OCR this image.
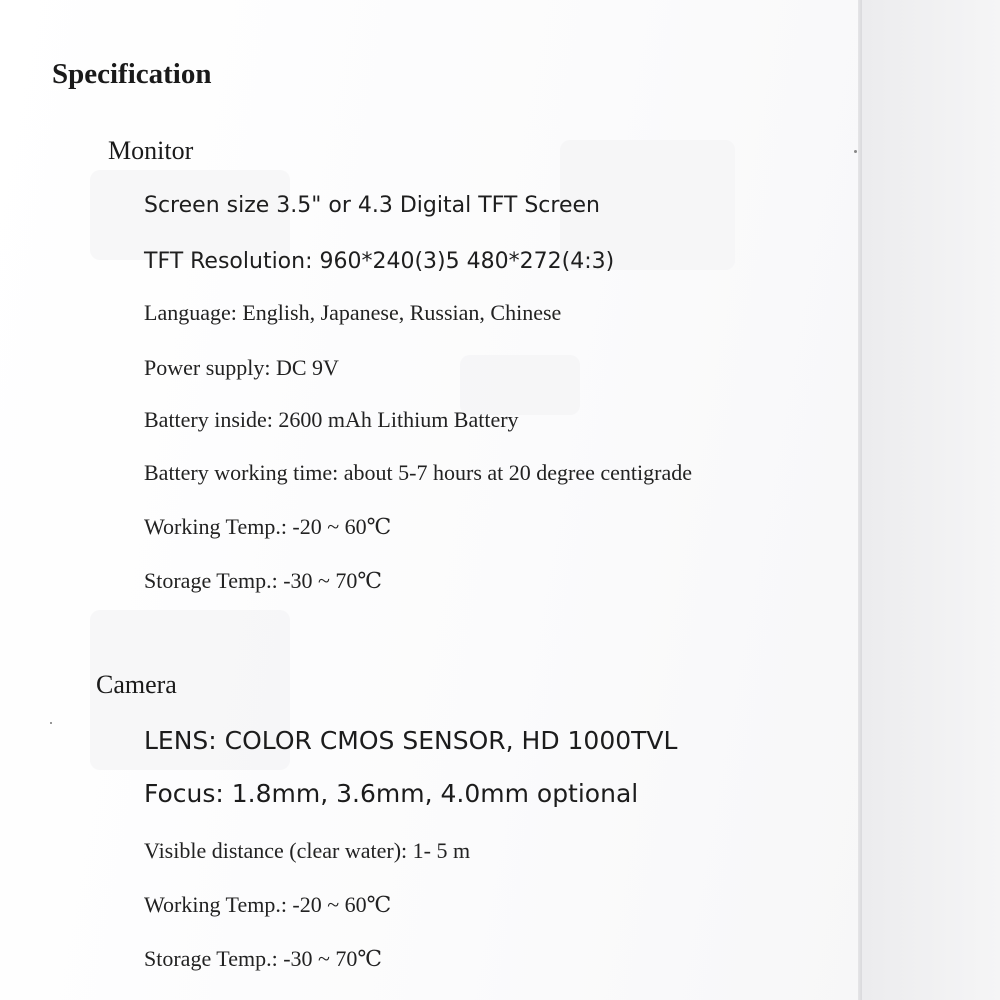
Specification
Monitor
Screen size 3.5" or 4.3 Digital TFT Screen
TFT Resolution: 960*240(3)5 480*272(4:3)
Language: English, Japanese, Russian, Chinese
Power supply: DC 9V
Battery inside: 2600 mAh Lithium Battery
Battery working time: about 5-7 hours at 20 degree centigrade
Working Temp.: -20 ~ 60℃
Storage Temp.: -30 ~ 70℃
Camera
LENS: COLOR CMOS SENSOR, HD 1000TVL
Focus: 1.8mm, 3.6mm, 4.0mm optional
Visible distance (clear water): 1- 5 m
Working Temp.: -20 ~ 60℃
Storage Temp.: -30 ~ 70℃
